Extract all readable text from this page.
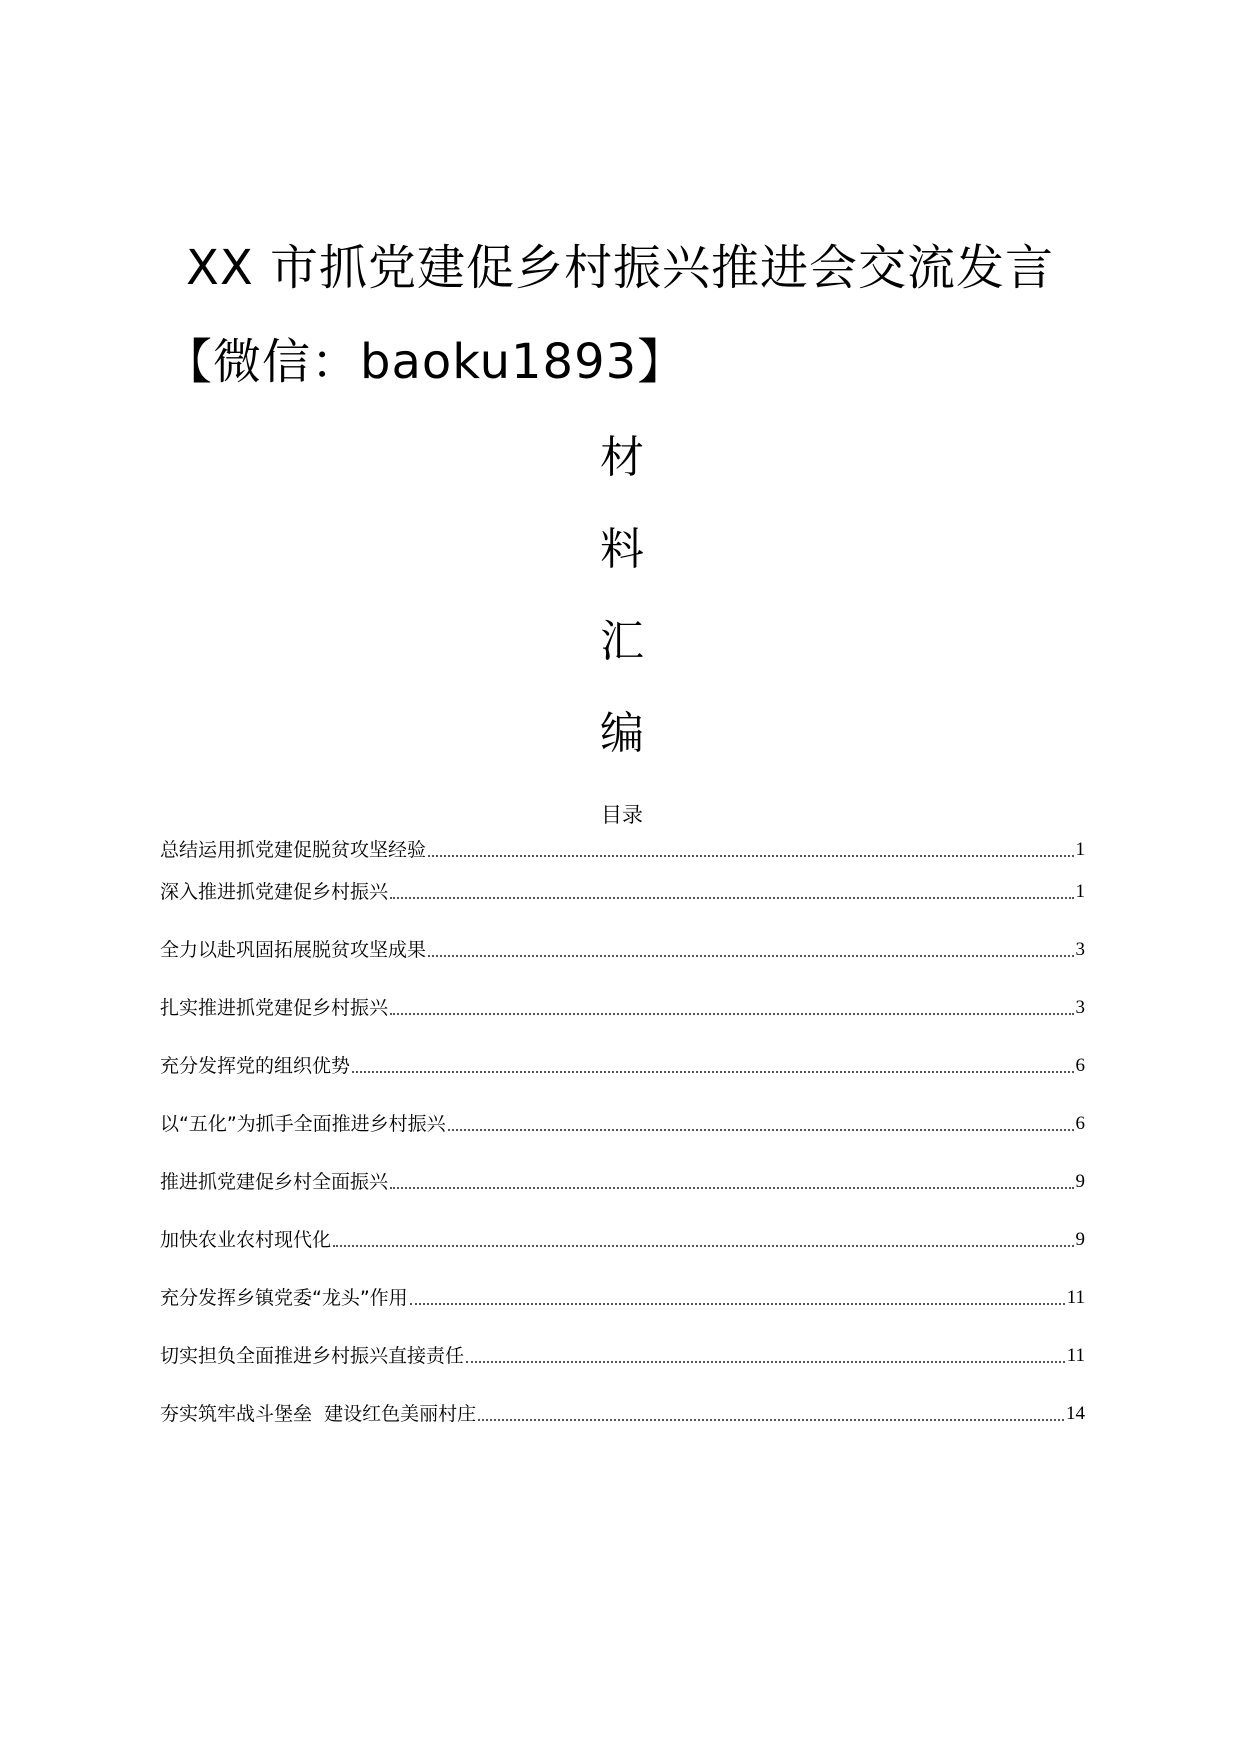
XX 市抓党建促乡村振兴推进会交流发言
【微信：baoku1893】
材
料
汇
编
目录
总结运用抓党建促脱贫攻坚经验	1
深入推进抓党建促乡村振兴	1
全力以赴巩固拓展脱贫攻坚成果	3
扎实推进抓党建促乡村振兴	3
充分发挥党的组织优势	6
以“五化”为抓手全面推进乡村振兴	6
推进抓党建促乡村全面振兴	9
加快农业农村现代化	9
充分发挥乡镇党委“龙头”作用	11
切实担负全面推进乡村振兴直接责任	11
夯实筑牢战斗堡垒  建设红色美丽村庄	14
